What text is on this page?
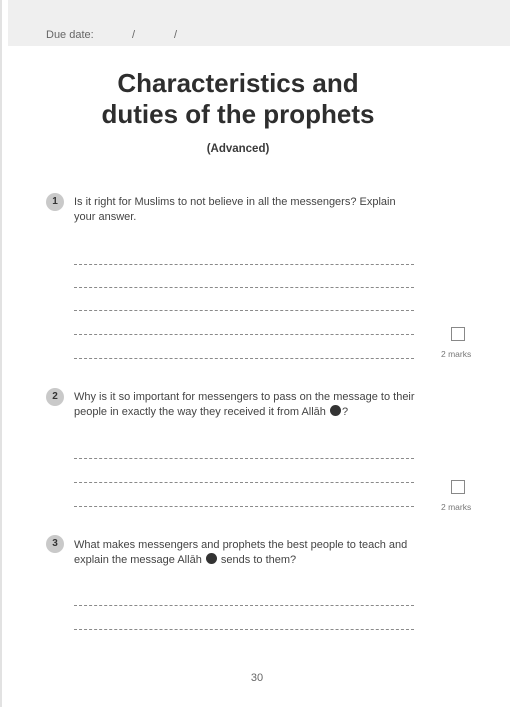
Due date:	/	/
Characteristics and
duties of the prophets
(Advanced)
1	Is it right for Muslims to not believe in all the messengers? Explain your answer.
2 marks
2	Why is it so important for messengers to pass on the message to their people in exactly the way they received it from Allāh ?
2 marks
3	What makes messengers and prophets the best people to teach and explain the message Allāh  sends to them?
30
